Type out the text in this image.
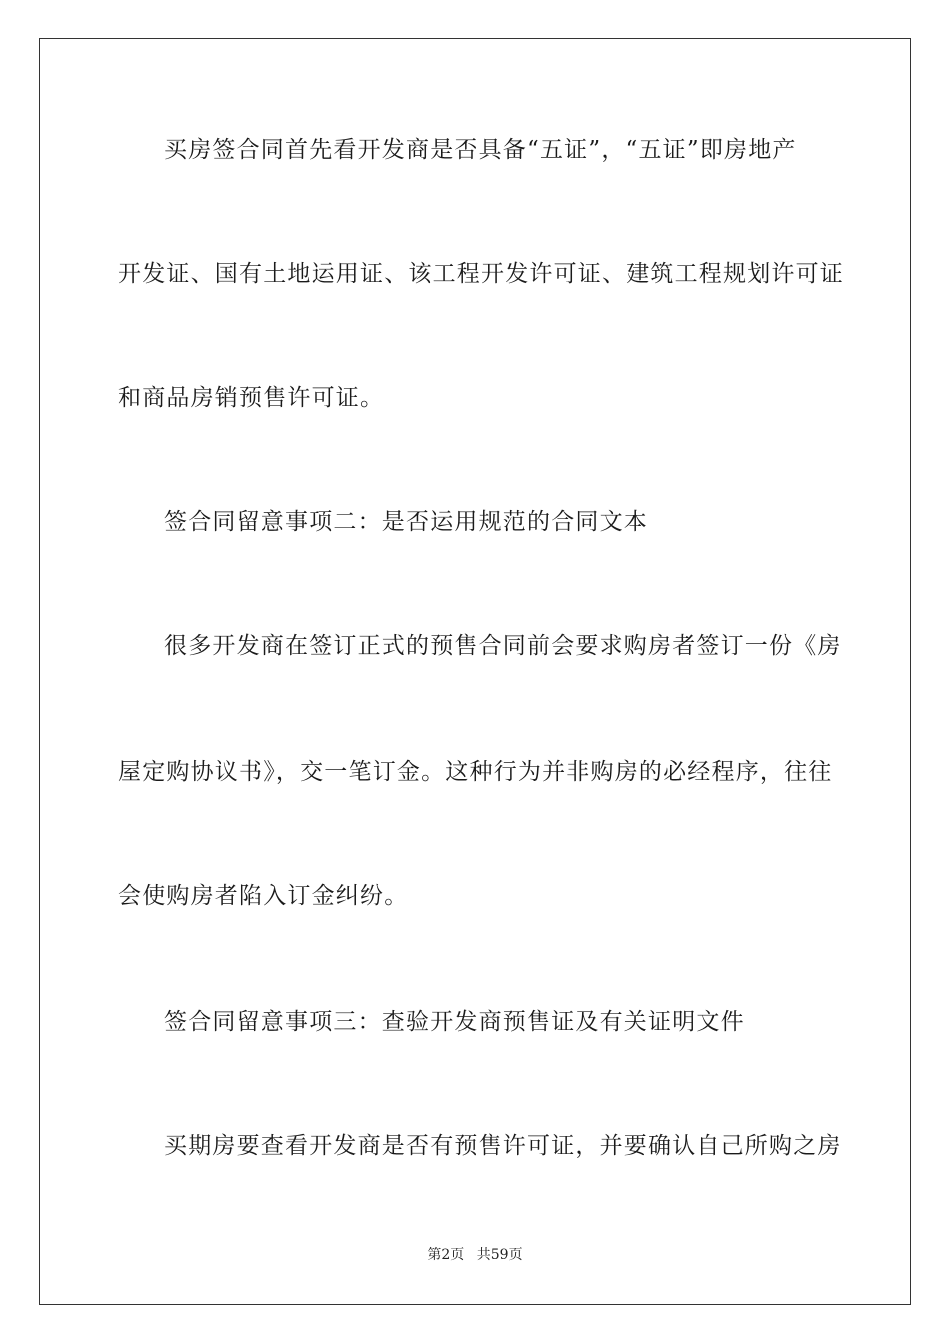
买房签合同首先看开发商是否具备“五证”，“五证”即房地产

开发证、国有土地运用证、该工程开发许可证、建筑工程规划许可证

和商品房销预售许可证。

签合同留意事项二：是否运用规范的合同文本

很多开发商在签订正式的预售合同前会要求购房者签订一份《房

屋定购协议书》，交一笔订金。这种行为并非购房的必经程序，往往

会使购房者陷入订金纠纷。

签合同留意事项三：查验开发商预售证及有关证明文件

买期房要查看开发商是否有预售许可证，并要确认自己所购之房

第2页 共59页
